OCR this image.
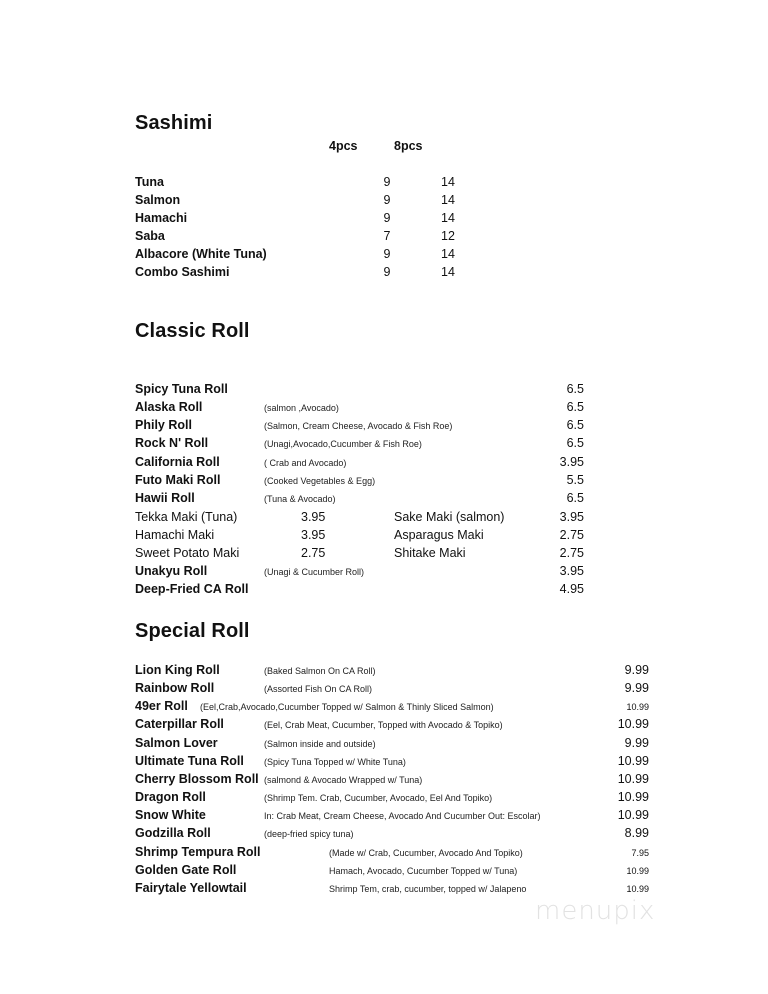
Sashimi
4pcs	8pcs
Tuna	9	14
Salmon	9	14
Hamachi	9	14
Saba	7	12
Albacore (White Tuna)	9	14
Combo Sashimi	9	14
Classic Roll
Spicy Tuna Roll	6.5
Alaska Roll	(salmon ,Avocado)	6.5
Phily Roll	(Salmon, Cream Cheese, Avocado & Fish Roe)	6.5
Rock N' Roll	(Unagi,Avocado,Cucumber & Fish Roe)	6.5
California Roll	( Crab and Avocado)	3.95
Futo Maki Roll	(Cooked Vegetables & Egg)	5.5
Hawii Roll	(Tuna & Avocado)	6.5
Tekka Maki (Tuna)	3.95	Sake Maki (salmon)	3.95
Hamachi Maki	3.95	Asparagus Maki	2.75
Sweet Potato Maki	2.75	Shitake Maki	2.75
Unakyu Roll	(Unagi & Cucumber Roll)	3.95
Deep-Fried CA Roll	4.95
Special Roll
Lion King Roll	(Baked Salmon On CA Roll)	9.99
Rainbow Roll	(Assorted Fish On CA Roll)	9.99
49er Roll (Eel,Crab,Avocado,Cucumber Topped w/ Salmon & Thinly Sliced Salmon)	10.99
Caterpillar Roll	(Eel, Crab Meat, Cucumber, Topped with Avocado & Topiko)	10.99
Salmon Lover	(Salmon inside and outside)	9.99
Ultimate Tuna Roll (Spicy Tuna Topped w/ White Tuna)	10.99
Cherry Blossom Roll (salmond & Avocado Wrapped w/ Tuna)	10.99
Dragon Roll	(Shrimp Tem. Crab, Cucumber, Avocado, Eel And Topiko)	10.99
Snow White	In: Crab Meat, Cream Cheese, Avocado And Cucumber Out: Escolar)	10.99
Godzilla Roll	(deep-fried spicy tuna)	8.99
Shrimp Tempura Roll	(Made w/ Crab, Cucumber, Avocado And Topiko)	7.95
Golden Gate Roll	Hamach, Avocado, Cucumber Topped w/ Tuna)	10.99
Fairytale Yellowtail	Shrimp Tem, crab, cucumber, topped w/ Jalapeno	10.99
menupix
